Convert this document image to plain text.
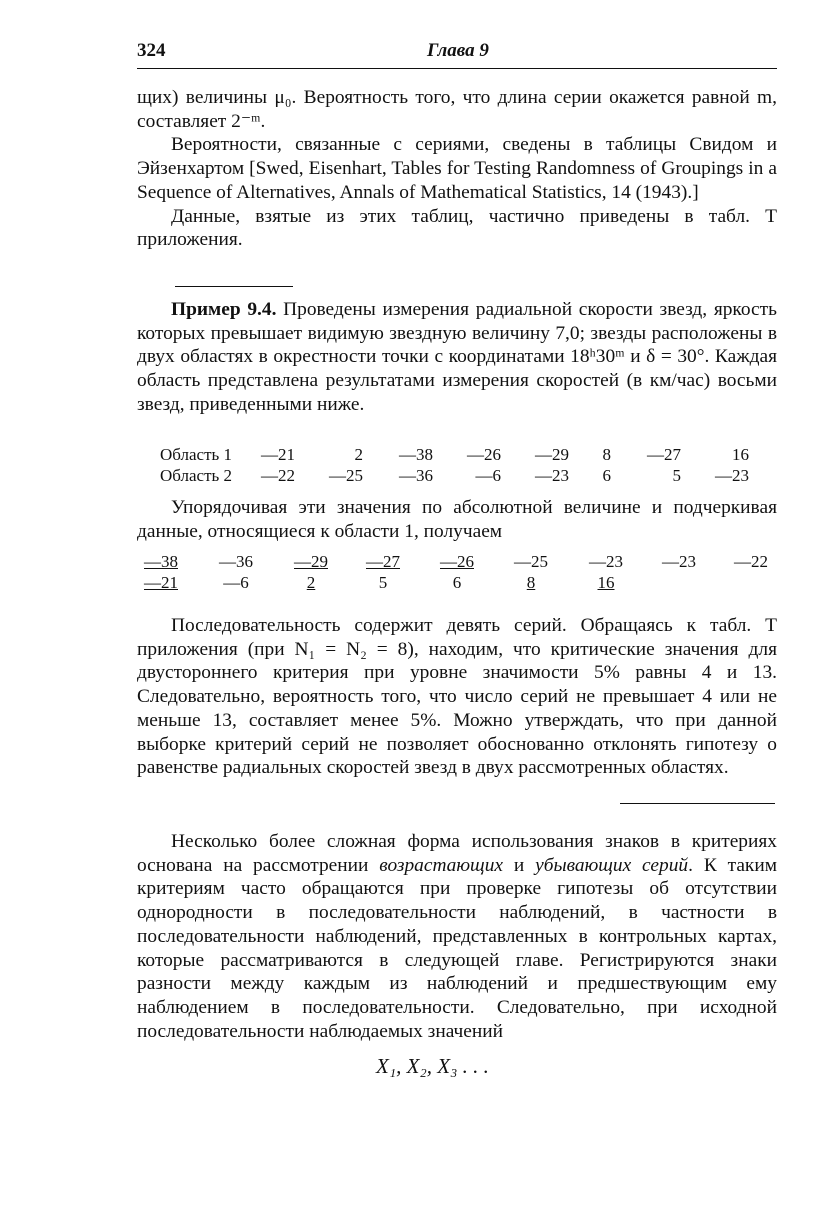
324	Глава 9

щих) величины μ₀. Вероятность того, что длина серии окажется равной m, составляет 2⁻ᵐ.

Вероятности, связанные с сериями, сведены в таблицы Свидом и Эйзенхартом [Swed, Eisenhart, Tables for Testing Randomness of Groupings in a Sequence of Alternatives, Annals of Mathematical Statistics, 14 (1943).]

Данные, взятые из этих таблиц, частично приведены в табл. T приложения.

Пример 9.4. Проведены измерения радиальной скорости звезд, яркость которых превышает видимую звездную величину 7,0; звезды расположены в двух областях в окрестности точки с координатами 18ʰ30ᵐ и δ = 30°. Каждая область представлена результатами измерения скоростей (в км/час) восьми звезд, приведенными ниже.

Область 1	—21	2	—38	—26	—29	8	—27	16
Область 2	—22	—25	—36	—6	—23	6	5	—23

Упорядочивая эти значения по абсолютной величине и подчеркивая данные, относящиеся к области 1, получаем

—38	—36	—29	—27	—26	—25	—23	—23	—22
—21	—6	2	5	6	8	16

Последовательность содержит девять серий. Обращаясь к табл. T приложения (при N₁ = N₂ = 8), находим, что критические значения для двустороннего критерия при уровне значимости 5% равны 4 и 13. Следовательно, вероятность того, что число серий не превышает 4 или не меньше 13, составляет менее 5%. Можно утверждать, что при данной выборке критерий серий не позволяет обоснованно отклонять гипотезу о равенстве радиальных скоростей звезд в двух рассмотренных областях.

Несколько более сложная форма использования знаков в критериях основана на рассмотрении возрастающих и убывающих серий. К таким критериям часто обращаются при проверке гипотезы об отсутствии однородности в последовательности наблюдений, в частности в последовательности наблюдений, представленных в контрольных картах, которые рассматриваются в следующей главе. Регистрируются знаки разности между каждым из наблюдений и предшествующим ему наблюдением в последовательности. Следовательно, при исходной последовательности наблюдаемых значений

X₁, X₂, X₃ . . .
